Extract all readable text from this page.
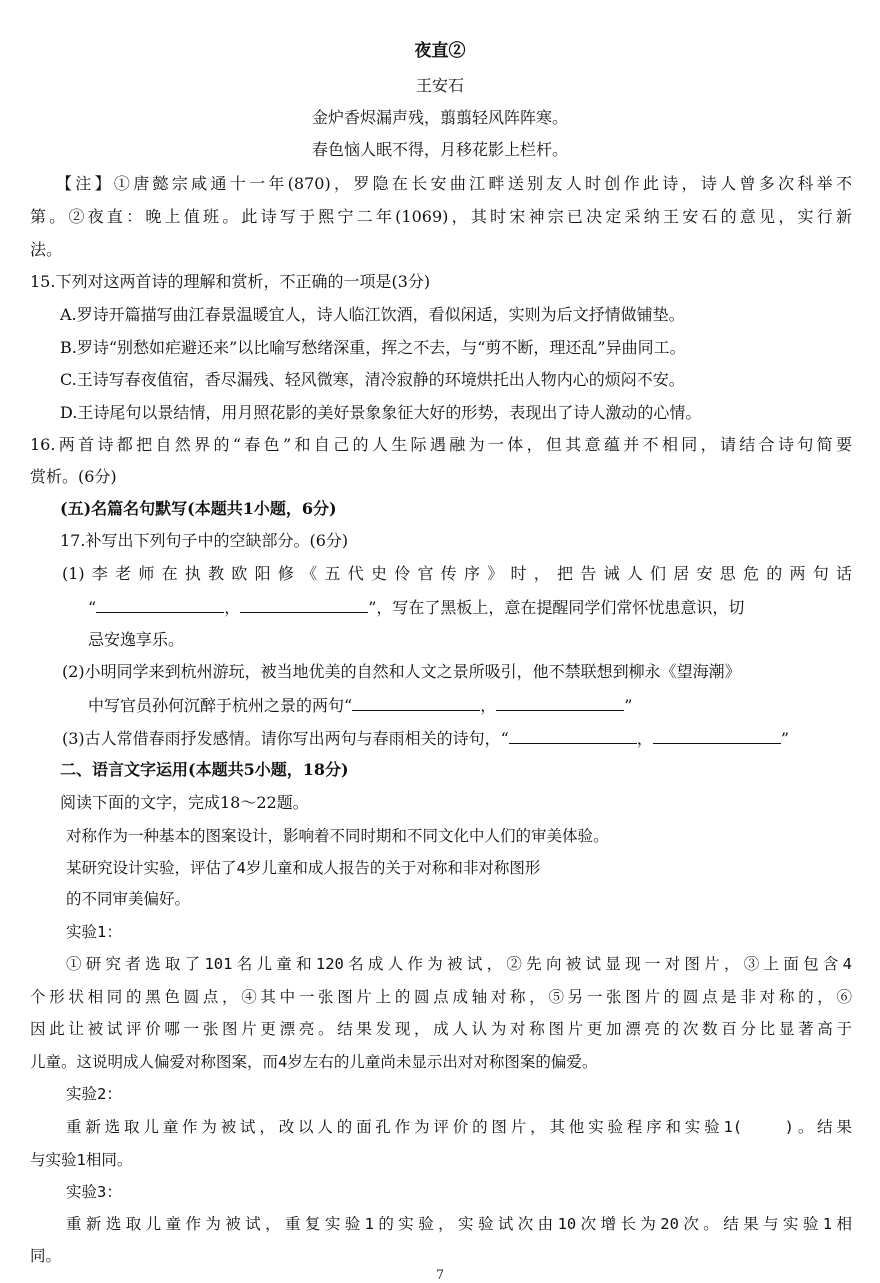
夜直②
王安石
金炉香烬漏声残，翦翦轻风阵阵寒。
春色恼人眠不得，月移花影上栏杆。
【注】①唐懿宗咸通十一年(870)，罗隐在长安曲江畔送别友人时创作此诗，诗人曾多次科举不
第。②夜直：晚上值班。此诗写于熙宁二年(1069)，其时宋神宗已决定采纳王安石的意见，实行新
法。
15.下列对这两首诗的理解和赏析，不正确的一项是(3分)
A.罗诗开篇描写曲江春景温暖宜人，诗人临江饮酒，看似闲适，实则为后文抒情做铺垫。
B.罗诗“别愁如疟避还来”以比喻写愁绪深重，挥之不去，与“剪不断，理还乱”异曲同工。
C.王诗写春夜值宿，香尽漏残、轻风微寒，清冷寂静的环境烘托出人物内心的烦闷不安。
D.王诗尾句以景结情，用月照花影的美好景象象征大好的形势，表现出了诗人激动的心情。
16.两首诗都把自然界的“春色”和自己的人生际遇融为一体，但其意蕴并不相同，请结合诗句简要
赏析。(6分)
(五)名篇名句默写(本题共1小题，6分)
17.补写出下列句子中的空缺部分。(6分)
(1)李老师在执教欧阳修《五代史伶官传序》时，把告诫人们居安思危的两句话
“	，	”，写在了黑板上，意在提醒同学们常怀忧患意识，切
忌安逸享乐。
(2)小明同学来到杭州游玩，被当地优美的自然和人文之景所吸引，他不禁联想到柳永《望海潮》
中写官员孙何沉醉于杭州之景的两句“	，	”
(3)古人常借春雨抒发感情。请你写出两句与春雨相关的诗句，“	，	”
二、语言文字运用(本题共5小题，18分)
阅读下面的文字，完成18～22题。
对称作为一种基本的图案设计，影响着不同时期和不同文化中人们的审美体验。
某研究设计实验，评估了4岁儿童和成人报告的关于对称和非对称图形
的不同审美偏好。
实验1：
①研究者选取了101名儿童和120名成人作为被试，②先向被试显现一对图片，③上面包含4
个形状相同的黑色圆点，④其中一张图片上的圆点成轴对称，⑤另一张图片的圆点是非对称的，⑥
因此让被试评价哪一张图片更漂亮。结果发现，成人认为对称图片更加漂亮的次数百分比显著高于
儿童。这说明成人偏爱对称图案，而4岁左右的儿童尚未显示出对对称图案的偏爱。
实验2：
重新选取儿童作为被试，改以人的面孔作为评价的图片，其他实验程序和实验1(　　)。结果
与实验1相同。
实验3：
重新选取儿童作为被试，重复实验1的实验，实验试次由10次增长为20次。结果与实验1相
同。
7
